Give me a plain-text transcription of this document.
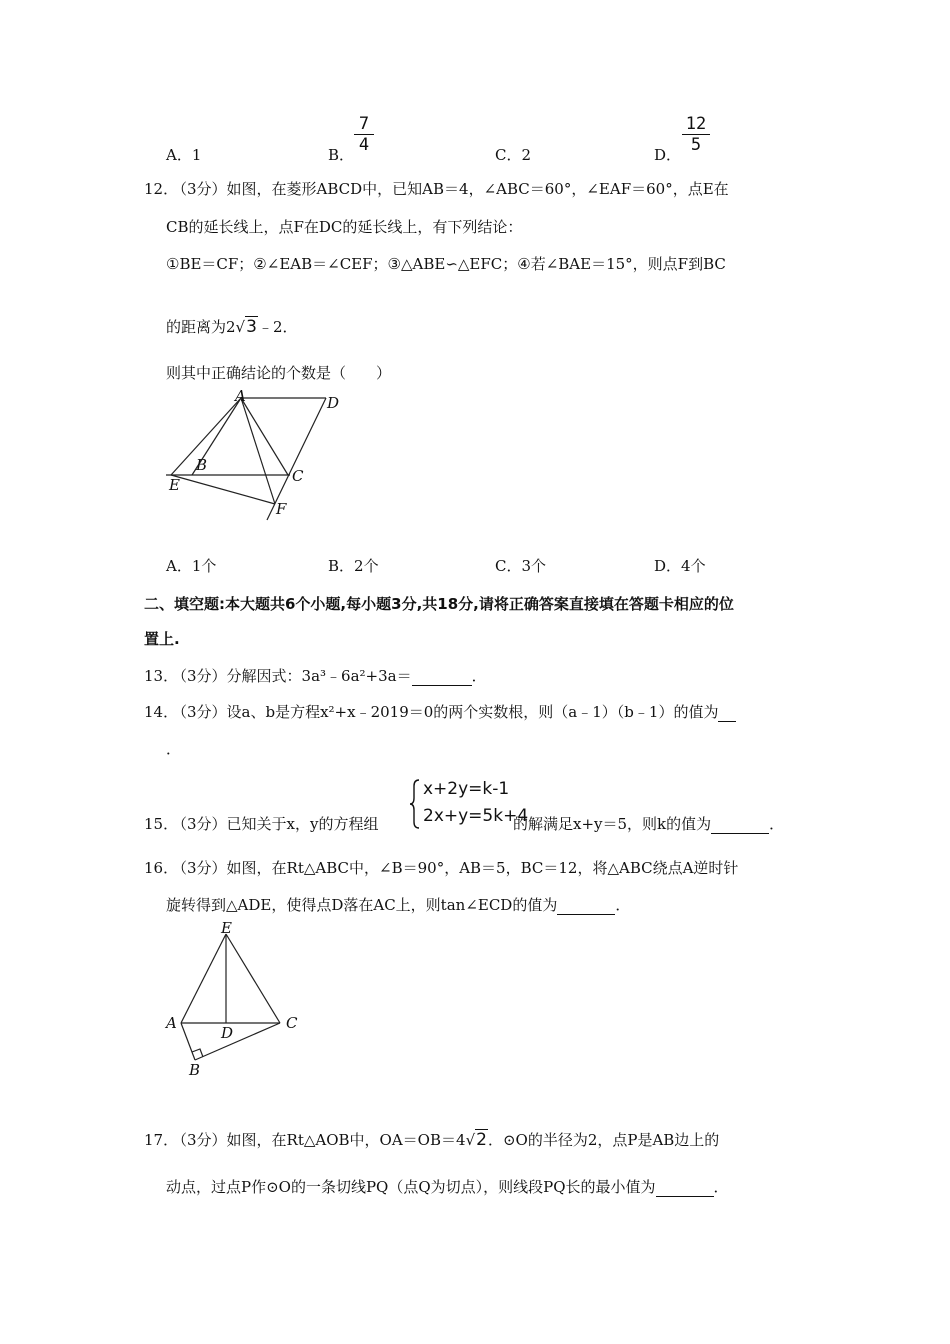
A．1	B． $\frac{7}{4}$	C．2	D． $\frac{12}{5}$
12．
（3分）如图，在菱形ABCD中，已知AB＝4，∠ABC＝60°，∠EAF＝60°，点E在
CB的延长线上，点F在DC的延长线上，有下列结论：
①BE＝CF；②∠EAB＝∠CEF；③△ABE∽△EFC；④若∠BAE＝15°，则点F到BC
的距离为2√3﹣2．
则其中正确结论的个数是（　　）
A	D
B
C
E
F
A．1个	B．2个	C．3个	D．4个
二、填空题:本大题共6个小题,每小题3分,共18分,请将正确答案直接填在答题卡相应的位
置上.
13．
（3分）分解因式：3a³﹣6a²+3a＝	．
14．
（3分）设a、b是方程x²+x﹣2019＝0的两个实数根，则（a﹣1）（b﹣1）的值为
．
15．
（3分）已知关于x，y的方程组
x+2y=k-1
2x+y=5k+4
的解满足x+y＝5，则k的值为	．
16．
（3分）如图，在Rt△ABC中，∠B＝90°，AB＝5，BC＝12，将△ABC绕点A逆时针
旋转得到△ADE，使得点D落在AC上，则tan∠ECD的值为	．
E
A
D
C
B
17．
（3分）如图，在Rt△AOB中，OA＝OB＝4√2．⊙O的半径为2，点P是AB边上的
动点，过点P作⊙O的一条切线PQ（点Q为切点），则线段PQ长的最小值为	．
